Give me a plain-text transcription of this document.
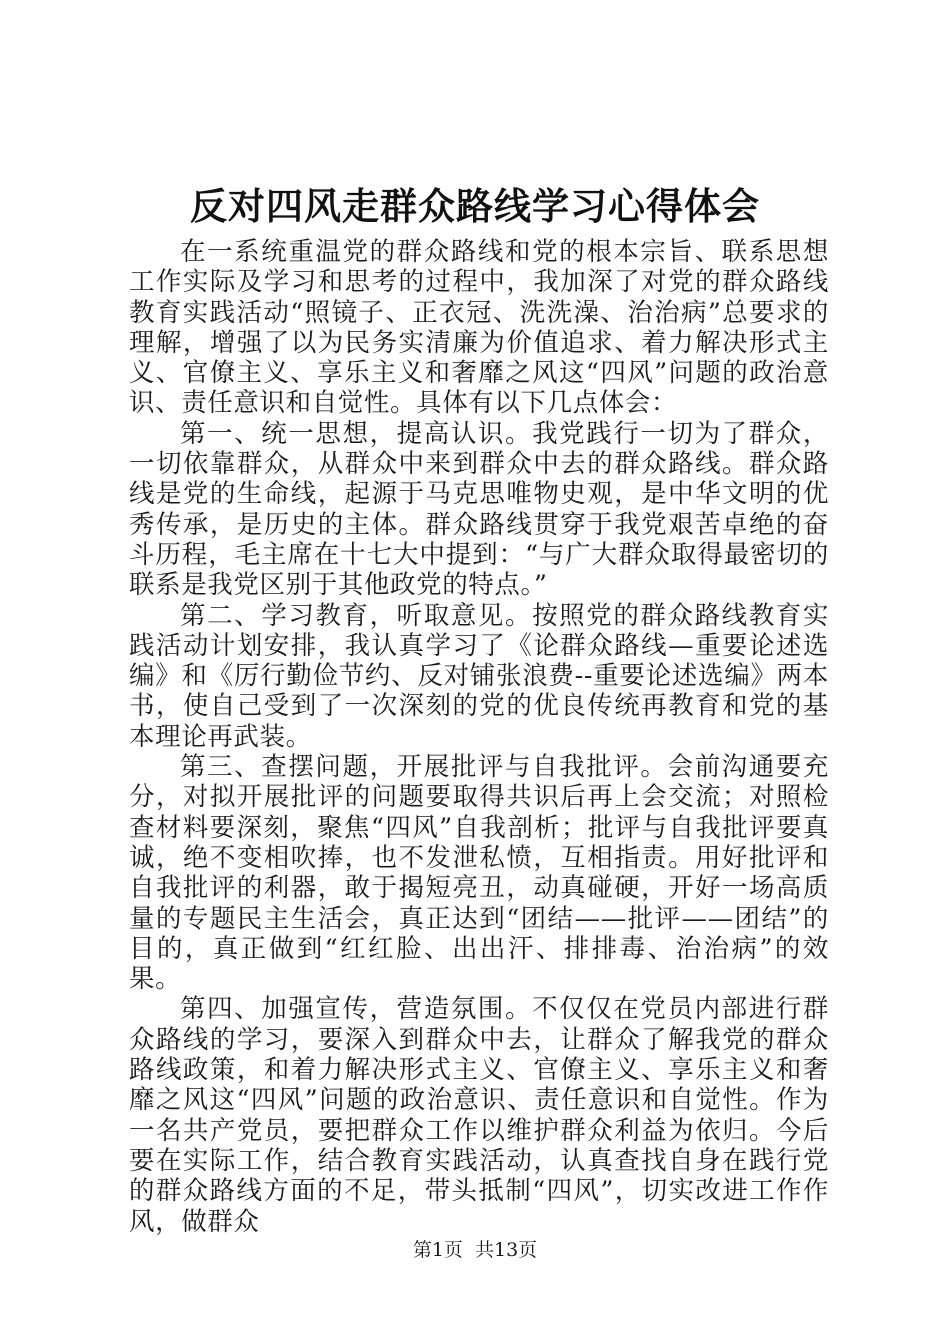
反对四风走群众路线学习心得体会

在一系统重温党的群众路线和党的根本宗旨、联系思想工作实际及学习和思考的过程中，我加深了对党的群众路线教育实践活动“照镜子、正衣冠、洗洗澡、治治病”总要求的理解，增强了以为民务实清廉为价值追求、着力解决形式主义、官僚主义、享乐主义和奢靡之风这“四风”问题的政治意识、责任意识和自觉性。具体有以下几点体会：

第一、统一思想，提高认识。我党践行一切为了群众，一切依靠群众，从群众中来到群众中去的群众路线。群众路线是党的生命线，起源于马克思唯物史观，是中华文明的优秀传承，是历史的主体。群众路线贯穿于我党艰苦卓绝的奋斗历程，毛主席在十七大中提到：“与广大群众取得最密切的联系是我党区别于其他政党的特点。”

第二、学习教育，听取意见。按照党的群众路线教育实践活动计划安排，我认真学习了《论群众路线—重要论述选编》和《厉行勤俭节约、反对铺张浪费--重要论述选编》两本书，使自己受到了一次深刻的党的优良传统再教育和党的基本理论再武装。

第三、查摆问题，开展批评与自我批评。会前沟通要充分，对拟开展批评的问题要取得共识后再上会交流；对照检查材料要深刻，聚焦“四风”自我剖析；批评与自我批评要真诚，绝不变相吹捧，也不发泄私愤，互相指责。用好批评和自我批评的利器，敢于揭短亮丑，动真碰硬，开好一场高质量的专题民主生活会，真正达到“团结——批评——团结”的目的，真正做到“红红脸、出出汗、排排毒、治治病”的效果。

第四、加强宣传，营造氛围。不仅仅在党员内部进行群众路线的学习，要深入到群众中去，让群众了解我党的群众路线政策，和着力解决形式主义、官僚主义、享乐主义和奢靡之风这“四风”问题的政治意识、责任意识和自觉性。作为一名共产党员，要把群众工作以维护群众利益为依归。今后要在实际工作，结合教育实践活动，认真查找自身在践行党的群众路线方面的不足，带头抵制“四风”，切实改进工作作风，做群众

第1页  共13页
